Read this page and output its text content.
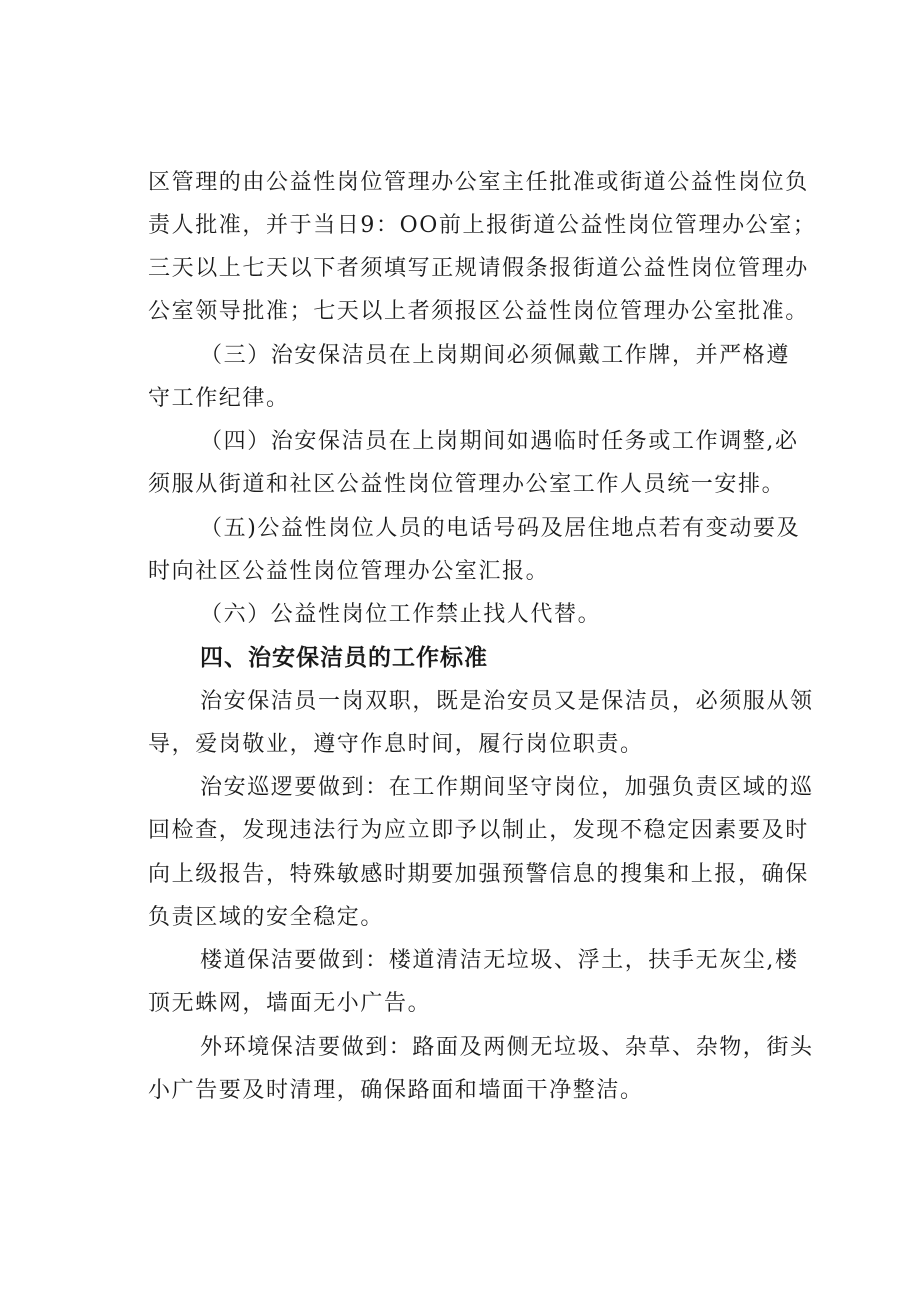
区管理的由公益性岗位管理办公室主任批准或街道公益性岗位负
责人批准，并于当日9：OO前上报街道公益性岗位管理办公室；
三天以上七天以下者须填写正规请假条报街道公益性岗位管理办
公室领导批准；七天以上者须报区公益性岗位管理办公室批准。
（三）治安保洁员在上岗期间必须佩戴工作牌，并严格遵
守工作纪律。
（四）治安保洁员在上岗期间如遇临时任务或工作调整,必
须服从街道和社区公益性岗位管理办公室工作人员统一安排。
（五)公益性岗位人员的电话号码及居住地点若有变动要及
时向社区公益性岗位管理办公室汇报。
（六）公益性岗位工作禁止找人代替。
四、治安保洁员的工作标准
治安保洁员一岗双职，既是治安员又是保洁员，必须服从领
导，爱岗敬业，遵守作息时间，履行岗位职责。
治安巡逻要做到：在工作期间坚守岗位，加强负责区域的巡
回检查，发现违法行为应立即予以制止，发现不稳定因素要及时
向上级报告，特殊敏感时期要加强预警信息的搜集和上报，确保
负责区域的安全稳定。
楼道保洁要做到：楼道清洁无垃圾、浮土，扶手无灰尘,楼
顶无蛛网，墙面无小广告。
外环境保洁要做到：路面及两侧无垃圾、杂草、杂物，街头
小广告要及时清理，确保路面和墙面干净整洁。
